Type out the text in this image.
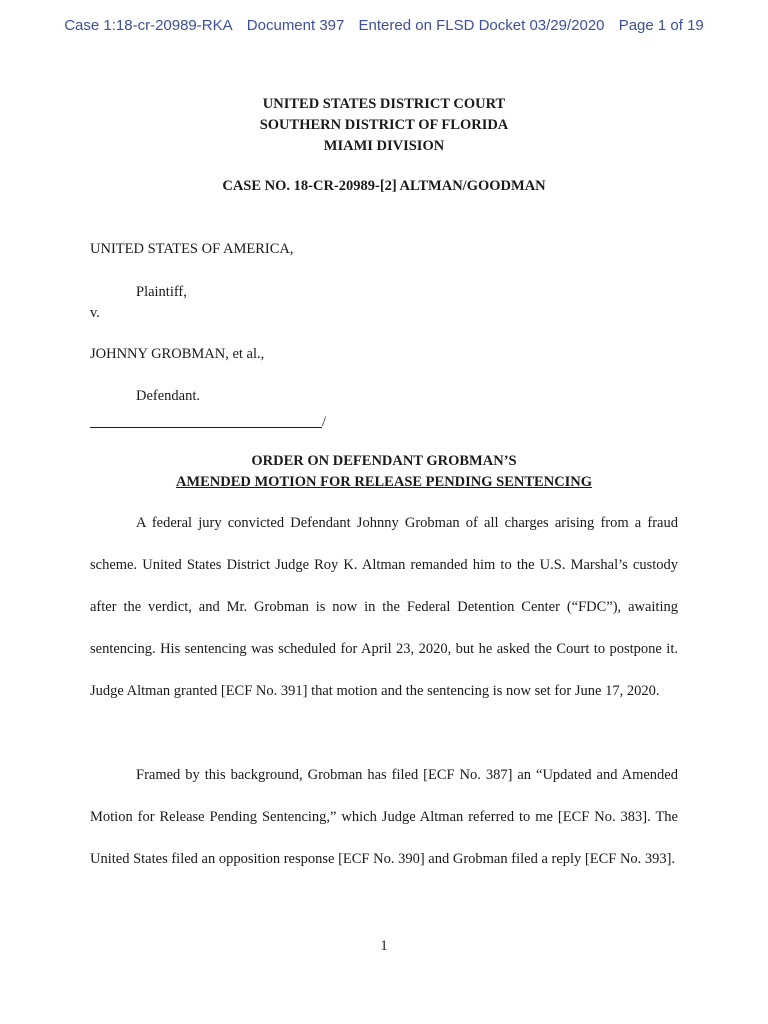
Case 1:18-cr-20989-RKA Document 397 Entered on FLSD Docket 03/29/2020 Page 1 of 19
UNITED STATES DISTRICT COURT
SOUTHERN DISTRICT OF FLORIDA
MIAMI DIVISION
CASE NO. 18-CR-20989-[2] ALTMAN/GOODMAN
UNITED STATES OF AMERICA,
Plaintiff,
v.
JOHNNY GROBMAN, et al.,
Defendant.
/
ORDER ON DEFENDANT GROBMAN’S
AMENDED MOTION FOR RELEASE PENDING SENTENCING
A federal jury convicted Defendant Johnny Grobman of all charges arising from a fraud scheme. United States District Judge Roy K. Altman remanded him to the U.S. Marshal’s custody after the verdict, and Mr. Grobman is now in the Federal Detention Center (“FDC”), awaiting sentencing. His sentencing was scheduled for April 23, 2020, but he asked the Court to postpone it. Judge Altman granted [ECF No. 391] that motion and the sentencing is now set for June 17, 2020.
Framed by this background, Grobman has filed [ECF No. 387] an “Updated and Amended Motion for Release Pending Sentencing,” which Judge Altman referred to me [ECF No. 383]. The United States filed an opposition response [ECF No. 390] and Grobman filed a reply [ECF No. 393].
1
